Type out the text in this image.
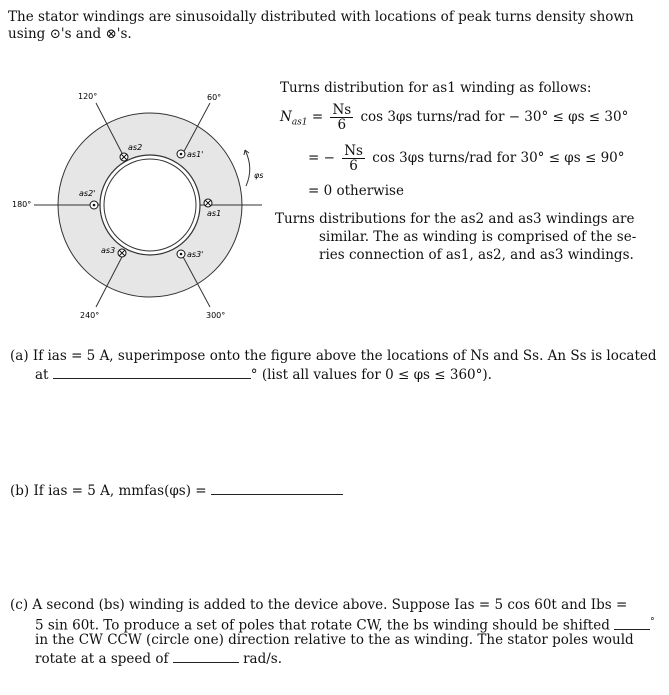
The stator windings are sinusoidally distributed with locations of peak turns density shown
using ⊙'s and ⊗'s.
120°	60°
180°
240°	300°
φs
as2
as1'
as2'
as1
as3	as3'
Turns distribution for as1 winding as follows:
$N_{as1} = \frac{Ns}{6}$ cos 3φs turns/rad for − 30° ≤ φs ≤ 30°
= − $\frac{Ns}{6}$ cos 3φs turns/rad for 30° ≤ φs ≤ 90°
= 0 otherwise
Turns distributions for the as2 and as3 windings are
similar. The as winding is comprised of the se-
ries connection of as1, as2, and as3 windings.
(a) If ias = 5 A, superimpose onto the figure above the locations of Ns and Ss. An Ss is located
at	° (list all values for 0 ≤ φs ≤ 360°).
(b) If ias = 5 A, mmfas(φs) =
(c) A second (bs) winding is added to the device above. Suppose Ias = 5 cos 60t and Ibs =
5 sin 60t. To produce a set of poles that rotate CW, the bs winding should be shifted	°
in the CW CCW (circle one) direction relative to the as winding. The stator poles would
rotate at a speed of	rad/s.
